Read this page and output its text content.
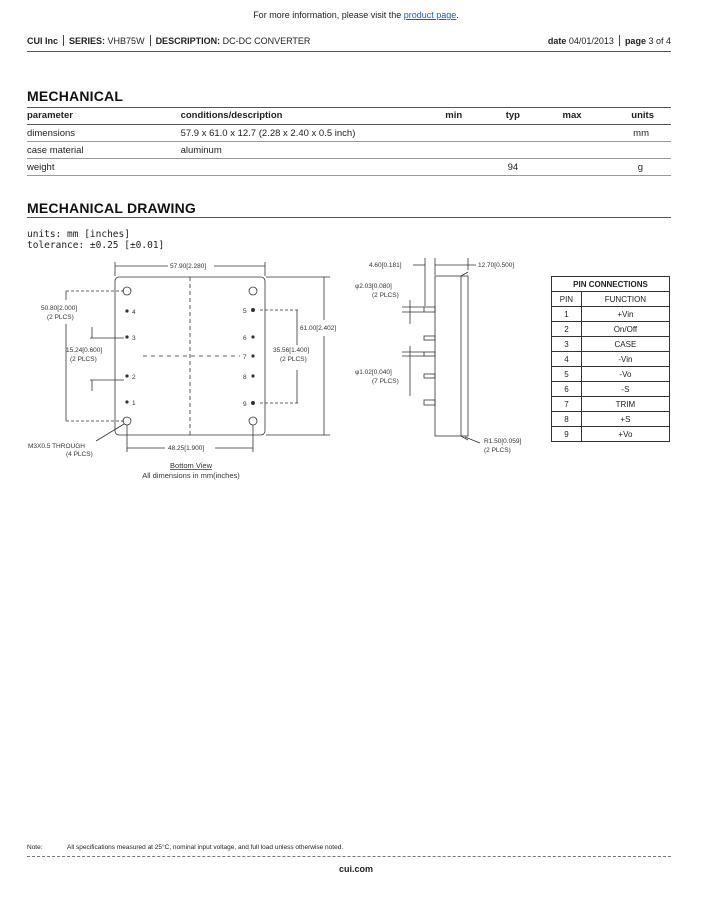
For more information, please visit the product page.
CUI Inc SERIES: VHB75W DESCRIPTION: DC-DC CONVERTER	date 04/01/2013 page 3 of 4
MECHANICAL
parameter	conditions/description	min	typ	max	units
dimensions	57.9 x 61.0 x 12.7 (2.28 x 2.40 x 0.5 inch)				mm
case material	aluminum				
weight			94		g
MECHANICAL DRAWING
units: mm [inches]
tolerance: ±0.25 [±0.01]
4
3
2
1
5
6
7
8
9
57.90[2.280]
50.80[2.000]
(2 PLCS)
15.24[0.600]
(2 PLCS)
61.00[2.402]
35.56[1.400]
(2 PLCS)
48.25[1.900]
M3X0.5 THROUGH
(4 PLCS)
4.60[0.181]	12.70[0.500]
φ2.03[0.080]
(2 PLCS)
φ1.02[0.040]
(7 PLCS)
R1.50[0.059]
(2 PLCS)
Bottom View
All dimensions in mm(inches)
PIN CONNECTIONS	
PIN	FUNCTION
1	+Vin
2	On/Off
3	CASE
4	-Vin
5	-Vo
6	-S
7	TRIM
8	+S
9	+Vo
Note:	All specifications measured at 25°C, nominal input voltage, and full load unless otherwise noted.
cui.com
